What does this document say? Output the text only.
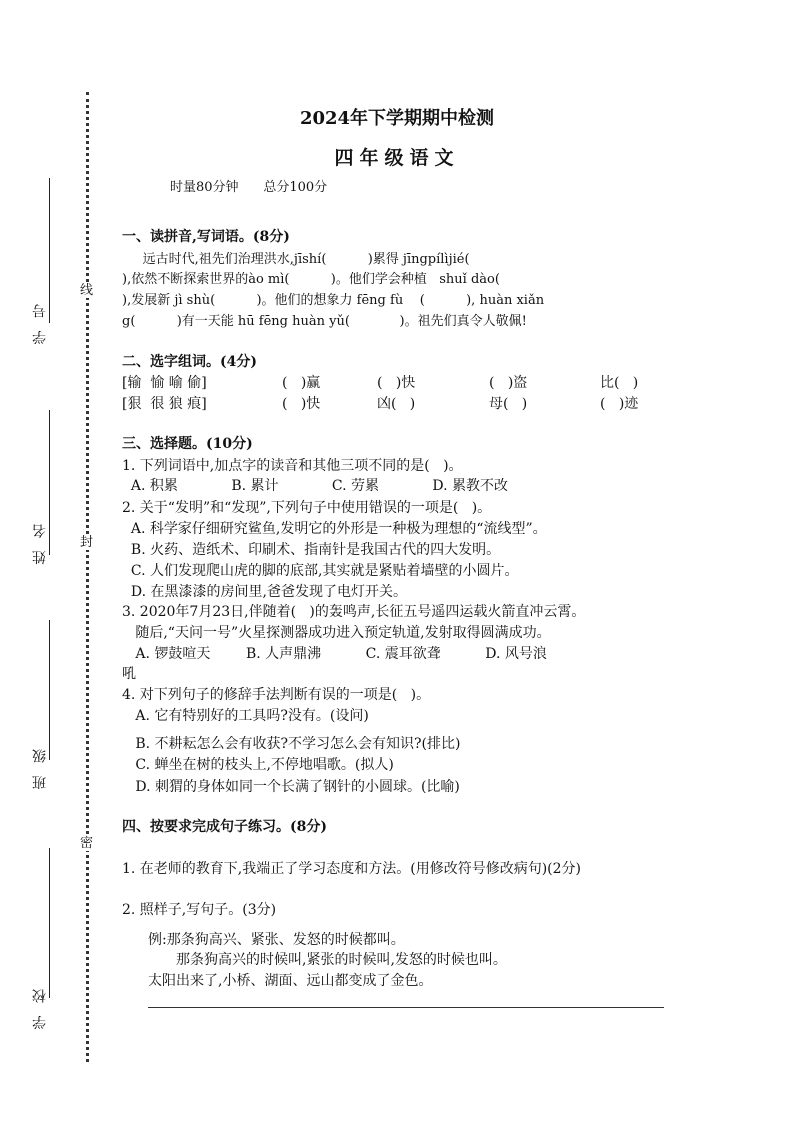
线
封
密
学 号
姓 名
班 级
学 校
2024年下学期期中检测
四年级语文
时量80分钟      总分100分
一、读拼音,写词语。(8分)
远古时代,祖先们治理洪水,jīshí(          )累得 jīngpílìjié(
),依然不断探索世界的ào mì(          )。他们学会种植   shuǐ dào(
),发展新 jì shù(          )。他们的想象力 fēng fù    (          ), huàn xiǎn
g(          )有一天能 hū fēng huàn yǔ(            )。祖先们真令人敬佩!
二、选字组词。(4分)
[输  愉 喻 偷]	(   )赢	(   )快	(   )盗	比(   )
[狠  很 狼 痕]	(   )快	凶(   )	母(   )	(   )迹
三、选择题。(10分)
1. 下列词语中,加点字的读音和其他三项不同的是(   )。
A. 积累            B. 累计            C. 劳累            D. 累教不改
2. 关于“发明”和“发现”,下列句子中使用错误的一项是(   )。
A. 科学家仔细研究鲨鱼,发明它的外形是一种极为理想的“流线型”。
B. 火药、造纸术、印刷术、指南针是我国古代的四大发明。
C. 人们发现爬山虎的脚的底部,其实就是紧贴着墙壁的小圆片。
D. 在黑漆漆的房间里,爸爸发现了电灯开关。
3. 2020年7月23日,伴随着(   )的轰鸣声,长征五号遥四运载火箭直冲云霄。
随后,“天问一号”火星探测器成功进入预定轨道,发射取得圆满成功。
A. 锣鼓喧天        B. 人声鼎沸          C. 震耳欲聋          D. 风号浪
吼
4. 对下列句子的修辞手法判断有误的一项是(   )。
A. 它有特别好的工具吗?没有。(设问)
B. 不耕耘怎么会有收获?不学习怎么会有知识?(排比)
C. 蝉坐在树的枝头上,不停地唱歌。(拟人)
D. 刺猬的身体如同一个长满了钢针的小圆球。(比喻)
四、按要求完成句子练习。(8分)
1. 在老师的教育下,我端正了学习态度和方法。(用修改符号修改病句)(2分)
2. 照样子,写句子。(3分)
例:那条狗高兴、紧张、发怒的时候都叫。
那条狗高兴的时候叫,紧张的时候叫,发怒的时候也叫。
太阳出来了,小桥、湖面、远山都变成了金色。
